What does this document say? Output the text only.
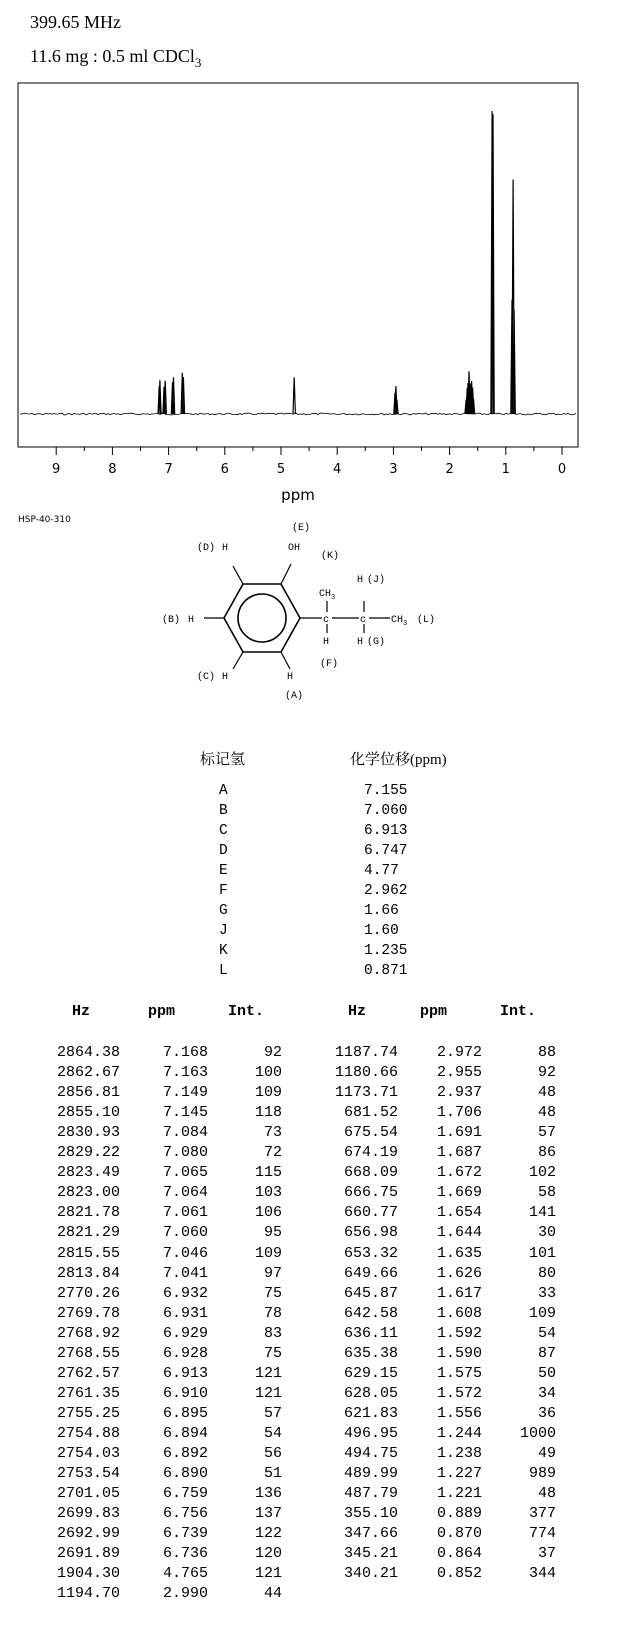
399.65 MHz
11.6 mg : 0.5 ml CDCl$_3$
9	8	7	6	5	4	3	2	1	0
ppm
HSP-40-310
c	c
(E)
OH
(D) H
(K)
$CH_3$
H (J)
(B) H	$CH_3$ (L)
H	H (G)
(F)
(C) H	H
(A)
标记氢	化学位移(ppm)
A	7.155
B	7.060
C	6.913
D	6.747
E	4.77
F	2.962
G	1.66
J	1.60
K	1.235
L	0.871
Hz	ppm	Int.	Hz	ppm	Int.
2864.38	7.168	92	1187.74	2.972	88
2862.67	7.163	100	1180.66	2.955	92
2856.81	7.149	109	1173.71	2.937	48
2855.10	7.145	118	681.52	1.706	48
2830.93	7.084	73	675.54	1.691	57
2829.22	7.080	72	674.19	1.687	86
2823.49	7.065	115	668.09	1.672	102
2823.00	7.064	103	666.75	1.669	58
2821.78	7.061	106	660.77	1.654	141
2821.29	7.060	95	656.98	1.644	30
2815.55	7.046	109	653.32	1.635	101
2813.84	7.041	97	649.66	1.626	80
2770.26	6.932	75	645.87	1.617	33
2769.78	6.931	78	642.58	1.608	109
2768.92	6.929	83	636.11	1.592	54
2768.55	6.928	75	635.38	1.590	87
2762.57	6.913	121	629.15	1.575	50
2761.35	6.910	121	628.05	1.572	34
2755.25	6.895	57	621.83	1.556	36
2754.88	6.894	54	496.95	1.244	1000
2754.03	6.892	56	494.75	1.238	49
2753.54	6.890	51	489.99	1.227	989
2701.05	6.759	136	487.79	1.221	48
2699.83	6.756	137	355.10	0.889	377
2692.99	6.739	122	347.66	0.870	774
2691.89	6.736	120	345.21	0.864	37
1904.30	4.765	121	340.21	0.852	344
1194.70	2.990	44
